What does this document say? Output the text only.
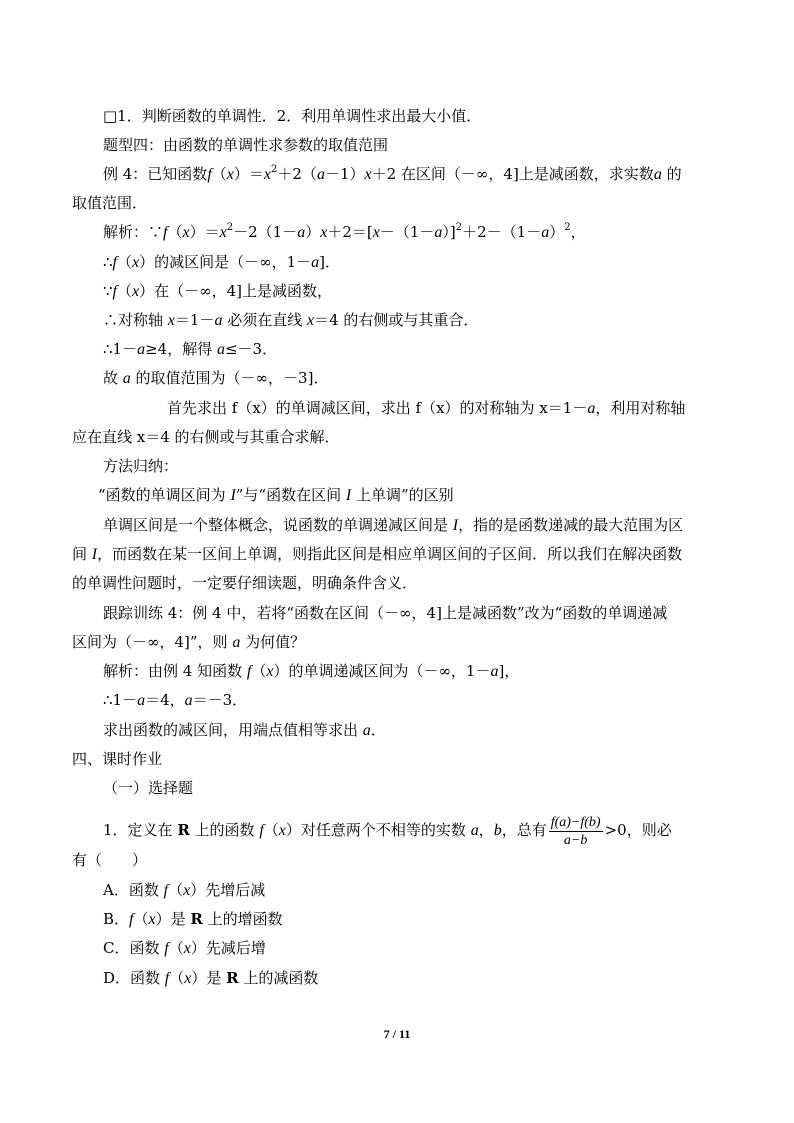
□1．判断函数的单调性．2．利用单调性求出最大小值．
题型四：由函数的单调性求参数的取值范围
例 4：已知函数$f(x)=x^2+2(a-1)x+2$ 在区间（－∞，4]上是减函数，求实数a 的
取值范围．
解析：$\because f(x)=x^2-2(1-a)x+2=[x-(1-a)]^2+2-(1-a)^2$，
∴f（x）的减区间是（－∞，1－a]．
∵f（x）在（－∞，4]上是减函数，
∴对称轴 x＝1－a 必须在直线 x＝4 的右侧或与其重合．
∴1－a≥4，解得 a≤－3．
故 a 的取值范围为（－∞，－3]．
首先求出 f（x）的单调减区间，求出 f（x）的对称轴为 x＝1－a，利用对称轴
应在直线 x＝4 的右侧或与其重合求解．
方法归纳：
“函数的单调区间为 I”与“函数在区间 I 上单调”的区别
单调区间是一个整体概念，说函数的单调递减区间是 I，指的是函数递减的最大范围为区
间 I，而函数在某一区间上单调，则指此区间是相应单调区间的子区间．所以我们在解决函数
的单调性问题时，一定要仔细读题，明确条件含义．
跟踪训练 4：例 4 中，若将“函数在区间（－∞，4]上是减函数”改为“函数的单调递减
区间为（－∞，4]”，则 a 为何值？
解析：由例 4 知函数 f（x）的单调递减区间为（－∞，1－a]，
∴1－a＝4，a＝－3．
求出函数的减区间，用端点值相等求出 a．
四、课时作业
（一）选择题
1．定义在 R 上的函数 f（x）对任意两个不相等的实数 a，b，总有 $\frac{f(a)-f(b)}{a-b} >0$，则必
有（　　）
A．函数 f（x）先增后减
B．f（x）是 R 上的增函数
C．函数 f（x）先减后增
D．函数 f（x）是 R 上的减函数
7 / 11
